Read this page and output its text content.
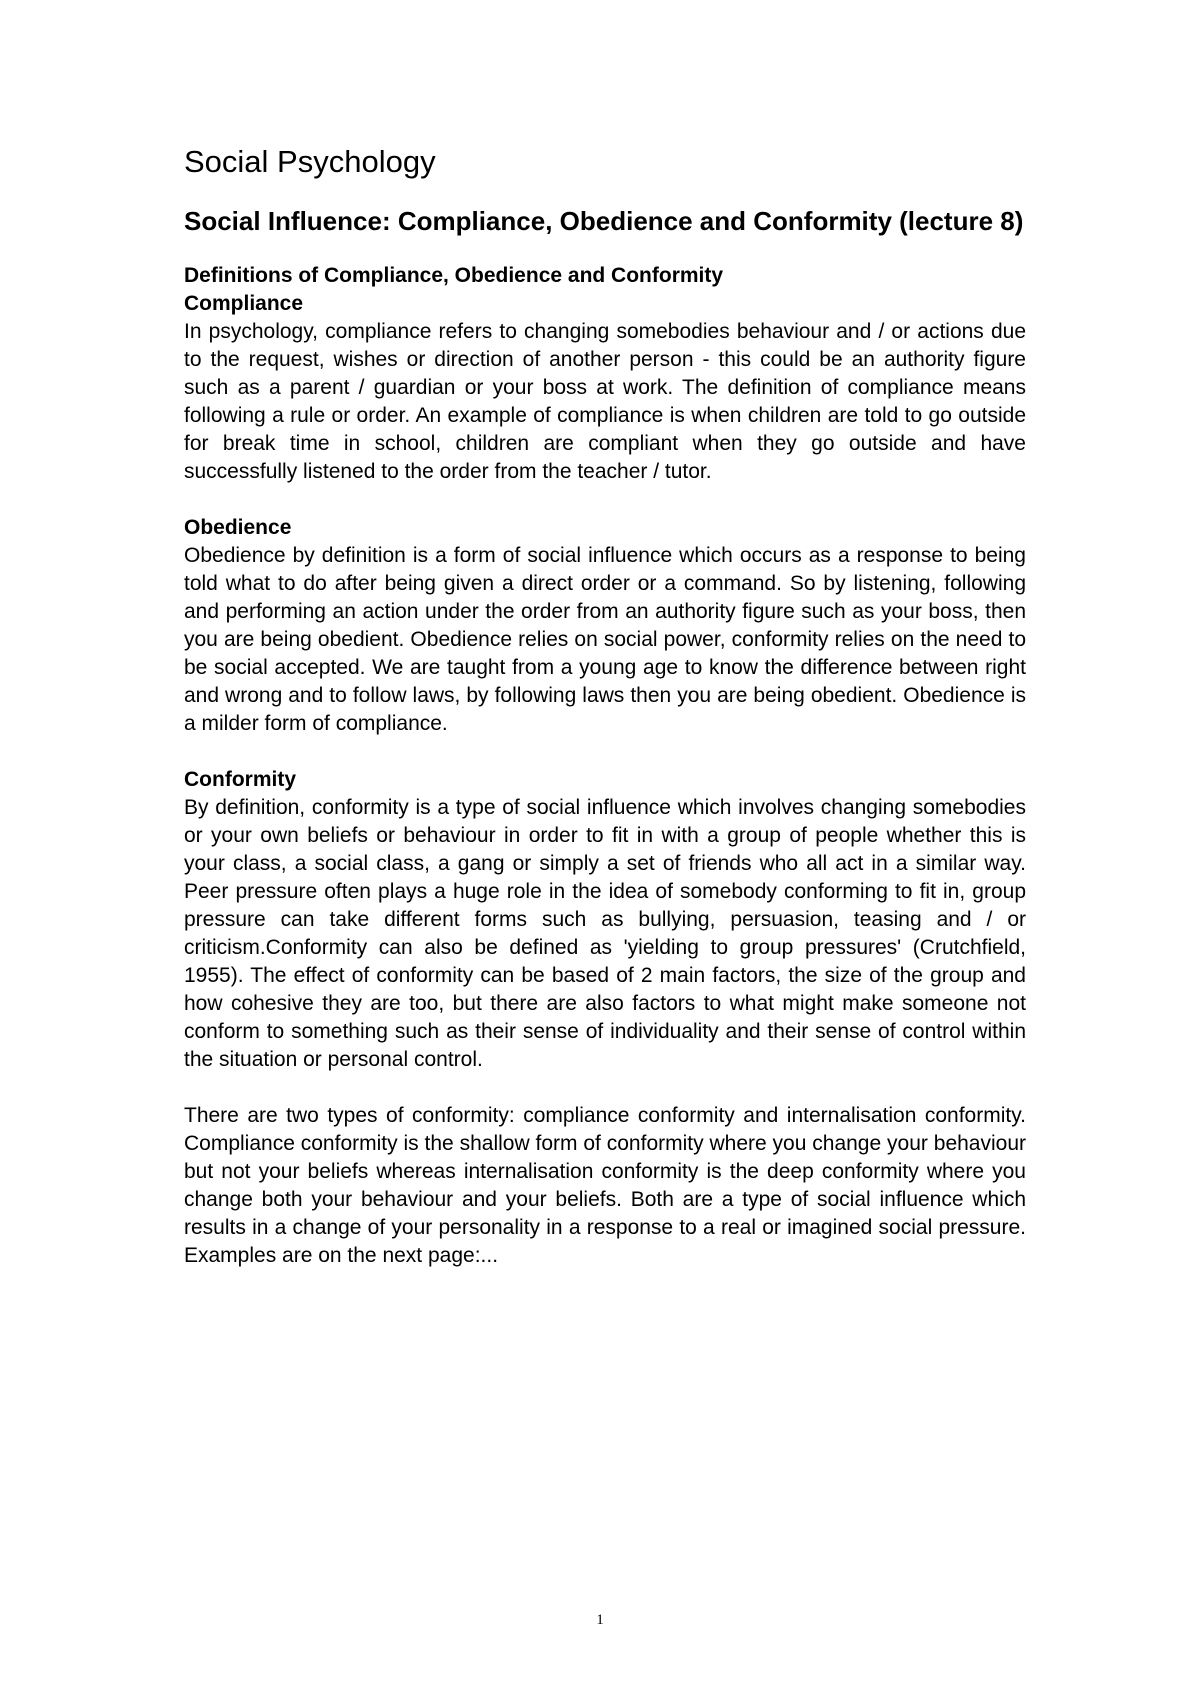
Social Psychology
Social Influence: Compliance, Obedience and Conformity (lecture 8)
Definitions of Compliance, Obedience and Conformity
Compliance

In psychology, compliance refers to changing somebodies behaviour and / or actions due to the request, wishes or direction of another person - this could be an authority figure such as a parent / guardian or your boss at work. The definition of compliance means following a rule or order. An example of compliance is when children are told to go outside for break time in school, children are compliant when they go outside and have successfully listened to the order from the teacher / tutor.

Obedience

Obedience by definition is a form of social influence which occurs as a response to being told what to do after being given a direct order or a command. So by listening, following and performing an action under the order from an authority figure such as your boss, then you are being obedient. Obedience relies on social power, conformity relies on the need to be social accepted. We are taught from a young age to know the difference between right and wrong and to follow laws, by following laws then you are being obedient. Obedience is a milder form of compliance.

Conformity

By definition, conformity is a type of social influence which involves changing somebodies or your own beliefs or behaviour in order to fit in with a group of people whether this is your class, a social class, a gang or simply a set of friends who all act in a similar way. Peer pressure often plays a huge role in the idea of somebody conforming to fit in, group pressure can take different forms such as bullying, persuasion, teasing and / or criticism.Conformity can also be defined as 'yielding to group pressures' (Crutchfield, 1955). The effect of conformity can be based of 2 main factors, the size of the group and how cohesive they are too, but there are also factors to what might make someone not conform to something such as their sense of individuality and their sense of control within the situation or personal control.

There are two types of conformity: compliance conformity and internalisation conformity. Compliance conformity is the shallow form of conformity where you change your behaviour but not your beliefs whereas internalisation conformity is the deep conformity where you change both your behaviour and your beliefs. Both are a type of social influence which results in a change of your personality in a response to a real or imagined social pressure. Examples are on the next page:...

1
